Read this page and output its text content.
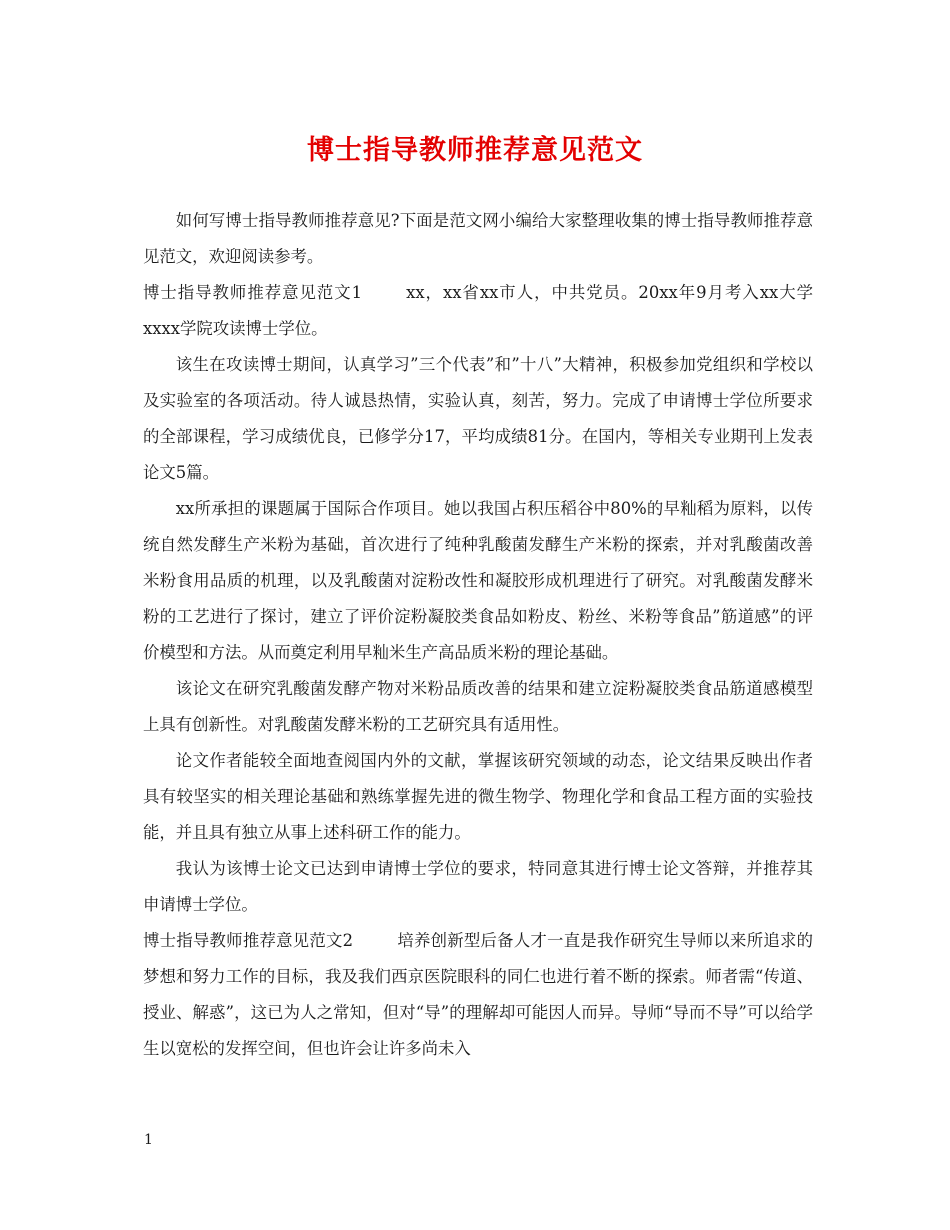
博士指导教师推荐意见范文

如何写博士指导教师推荐意见?下面是范文网小编给大家整理收集的博士指导教师推荐意见范文，欢迎阅读参考。

博士指导教师推荐意见范文1	xx，xx省xx市人，中共党员。20xx年9月考入xx大学xxxx学院攻读博士学位。

该生在攻读博士期间，认真学习”三个代表”和”十八”大精神，积极参加党组织和学校以及实验室的各项活动。待人诚恳热情，实验认真，刻苦，努力。完成了申请博士学位所要求的全部课程，学习成绩优良，已修学分17，平均成绩81分。在国内，等相关专业期刊上发表论文5篇。

xx所承担的课题属于国际合作项目。她以我国占积压稻谷中80%的早籼稻为原料，以传统自然发酵生产米粉为基础，首次进行了纯种乳酸菌发酵生产米粉的探索，并对乳酸菌改善米粉食用品质的机理，以及乳酸菌对淀粉改性和凝胶形成机理进行了研究。对乳酸菌发酵米粉的工艺进行了探讨，建立了评价淀粉凝胶类食品如粉皮、粉丝、米粉等食品”筋道感”的评价模型和方法。从而奠定利用早籼米生产高品质米粉的理论基础。

该论文在研究乳酸菌发酵产物对米粉品质改善的结果和建立淀粉凝胶类食品筋道感模型上具有创新性。对乳酸菌发酵米粉的工艺研究具有适用性。

论文作者能较全面地查阅国内外的文献，掌握该研究领域的动态，论文结果反映出作者具有较坚实的相关理论基础和熟练掌握先进的微生物学、物理化学和食品工程方面的实验技能，并且具有独立从事上述科研工作的能力。

我认为该博士论文已达到申请博士学位的要求，特同意其进行博士论文答辩，并推荐其申请博士学位。

博士指导教师推荐意见范文2	培养创新型后备人才一直是我作研究生导师以来所追求的梦想和努力工作的目标，我及我们西京医院眼科的同仁也进行着不断的探索。师者需“传道、授业、解惑”，这已为人之常知，但对“导”的理解却可能因人而异。导师“导而不导”可以给学生以宽松的发挥空间，但也许会让许多尚未入

1
